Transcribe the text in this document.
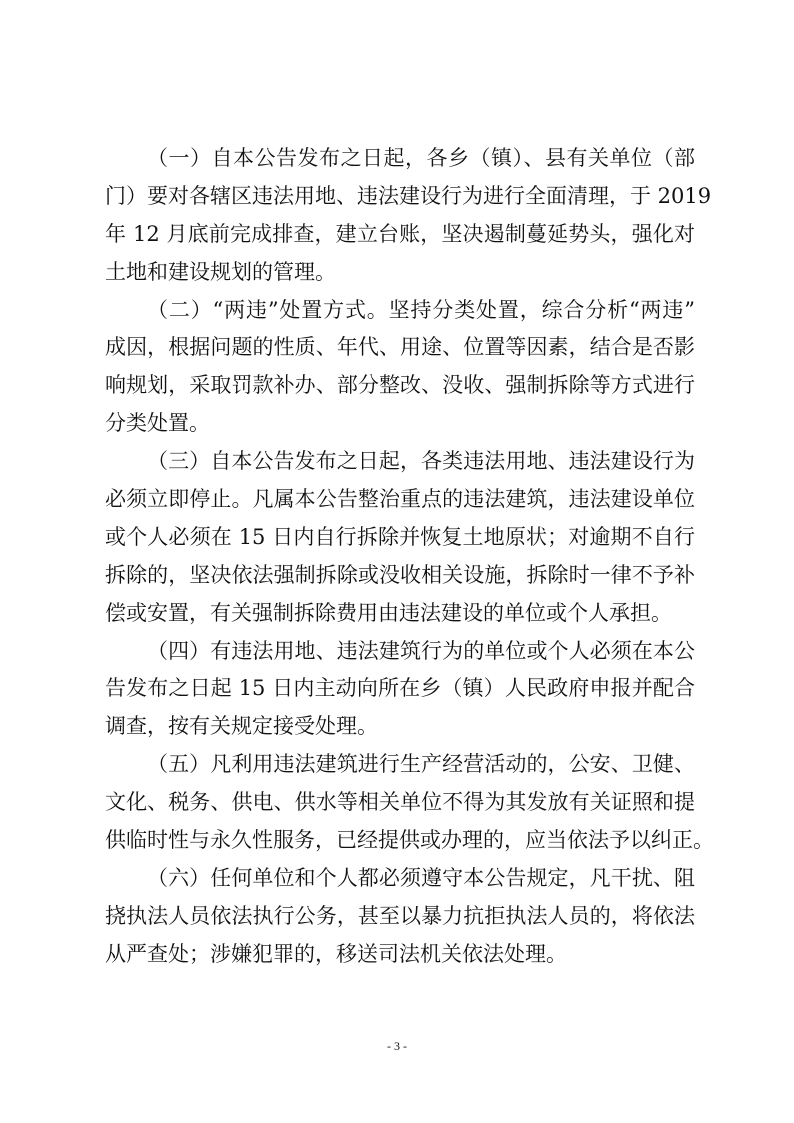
（一）自本公告发布之日起，各乡（镇）、县有关单位（部
门）要对各辖区违法用地、违法建设行为进行全面清理，于 2019
年 12 月底前完成排查，建立台账，坚决遏制蔓延势头，强化对
土地和建设规划的管理。
（二）“两违”处置方式。坚持分类处置，综合分析“两违”
成因，根据问题的性质、年代、用途、位置等因素，结合是否影
响规划，采取罚款补办、部分整改、没收、强制拆除等方式进行
分类处置。
（三）自本公告发布之日起，各类违法用地、违法建设行为
必须立即停止。凡属本公告整治重点的违法建筑，违法建设单位
或个人必须在 15 日内自行拆除并恢复土地原状；对逾期不自行
拆除的，坚决依法强制拆除或没收相关设施，拆除时一律不予补
偿或安置，有关强制拆除费用由违法建设的单位或个人承担。
（四）有违法用地、违法建筑行为的单位或个人必须在本公
告发布之日起 15 日内主动向所在乡（镇）人民政府申报并配合
调查，按有关规定接受处理。
（五）凡利用违法建筑进行生产经营活动的，公安、卫健、
文化、税务、供电、供水等相关单位不得为其发放有关证照和提
供临时性与永久性服务，已经提供或办理的，应当依法予以纠正。
（六）任何单位和个人都必须遵守本公告规定，凡干扰、阻
挠执法人员依法执行公务，甚至以暴力抗拒执法人员的，将依法
从严查处；涉嫌犯罪的，移送司法机关依法处理。
- 3 -
